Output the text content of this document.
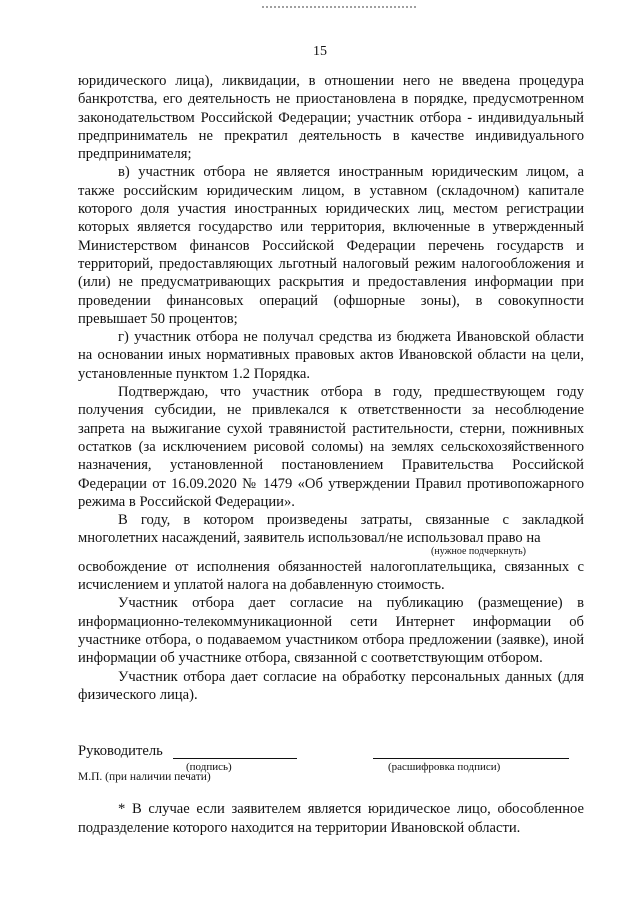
15

юридического лица), ликвидации, в отношении него не введена процедура банкротства, его деятельность не приостановлена в порядке, предусмотренном законодательством Российской Федерации; участник отбора - индивидуальный предприниматель не прекратил деятельность в качестве индивидуального предпринимателя;

в) участник отбора не является иностранным юридическим лицом, а также российским юридическим лицом, в уставном (складочном) капитале которого доля участия иностранных юридических лиц, местом регистрации которых является государство или территория, включенные в утвержденный Министерством финансов Российской Федерации перечень государств и территорий, предоставляющих льготный налоговый режим налогообложения и (или) не предусматривающих раскрытия и предоставления информации при проведении финансовых операций (офшорные зоны), в совокупности превышает 50 процентов;

г) участник отбора не получал средства из бюджета Ивановской области на основании иных нормативных правовых актов Ивановской области на цели, установленные пунктом 1.2 Порядка.

Подтверждаю, что участник отбора в году, предшествующем году получения субсидии, не привлекался к ответственности за несоблюдение запрета на выжигание сухой травянистой растительности, стерни, пожнивных остатков (за исключением рисовой соломы) на землях сельскохозяйственного назначения, установленной постановлением Правительства Российской Федерации от 16.09.2020 № 1479 «Об утверждении Правил противопожарного режима в Российской Федерации».

В году, в котором произведены затраты, связанные с закладкой многолетних насаждений, заявитель использовал/не использовал право на

(нужное подчеркнуть)

освобождение от исполнения обязанностей налогоплательщика, связанных с исчислением и уплатой налога на добавленную стоимость.

Участник отбора дает согласие на публикацию (размещение) в информационно-телекоммуникационной сети Интернет информации об участнике отбора, о подаваемом участником отбора предложении (заявке), иной информации об участнике отбора, связанной с соответствующим отбором.

Участник отбора дает согласие на обработку персональных данных (для физического лица).

Руководитель
(подпись)	(расшифровка подписи)
М.П. (при наличии печати)

* В случае если заявителем является юридическое лицо, обособленное подразделение которого находится на территории Ивановской области.
